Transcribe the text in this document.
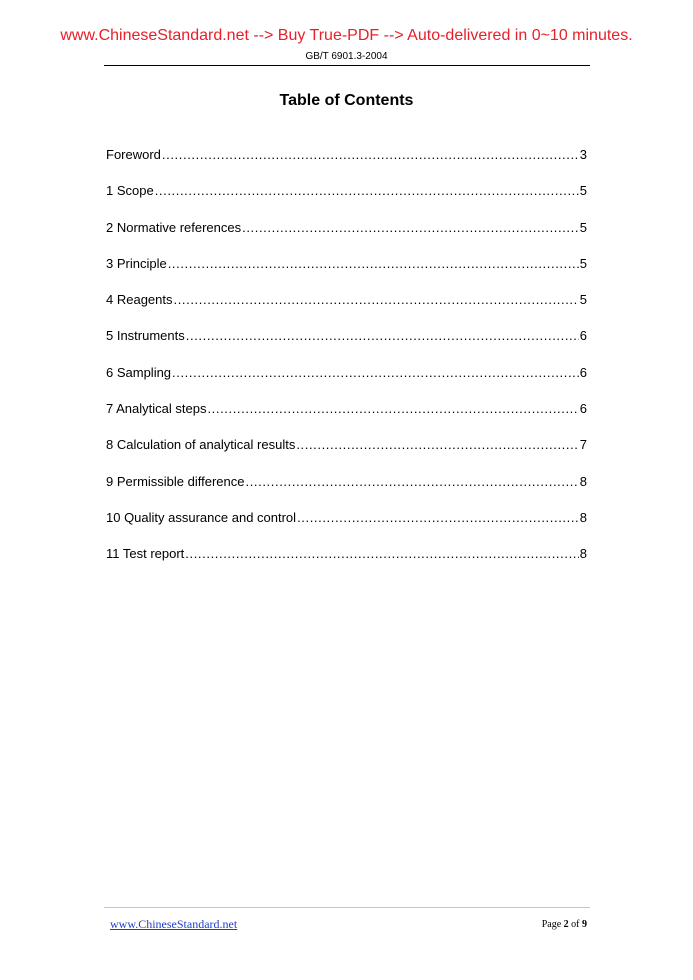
www.ChineseStandard.net --> Buy True-PDF --> Auto-delivered in 0~10 minutes.
GB/T 6901.3-2004
Table of Contents
Foreword .....	3
1 Scope .....	5
2 Normative references .....	5
3 Principle .....	5
4 Reagents .....	5
5 Instruments .....	6
6 Sampling .....	6
7 Analytical steps .....	6
8 Calculation of analytical results .....	7
9 Permissible difference .....	8
10 Quality assurance and control .....	8
11 Test report .....	8
www.ChineseStandard.net	Page 2 of 9
